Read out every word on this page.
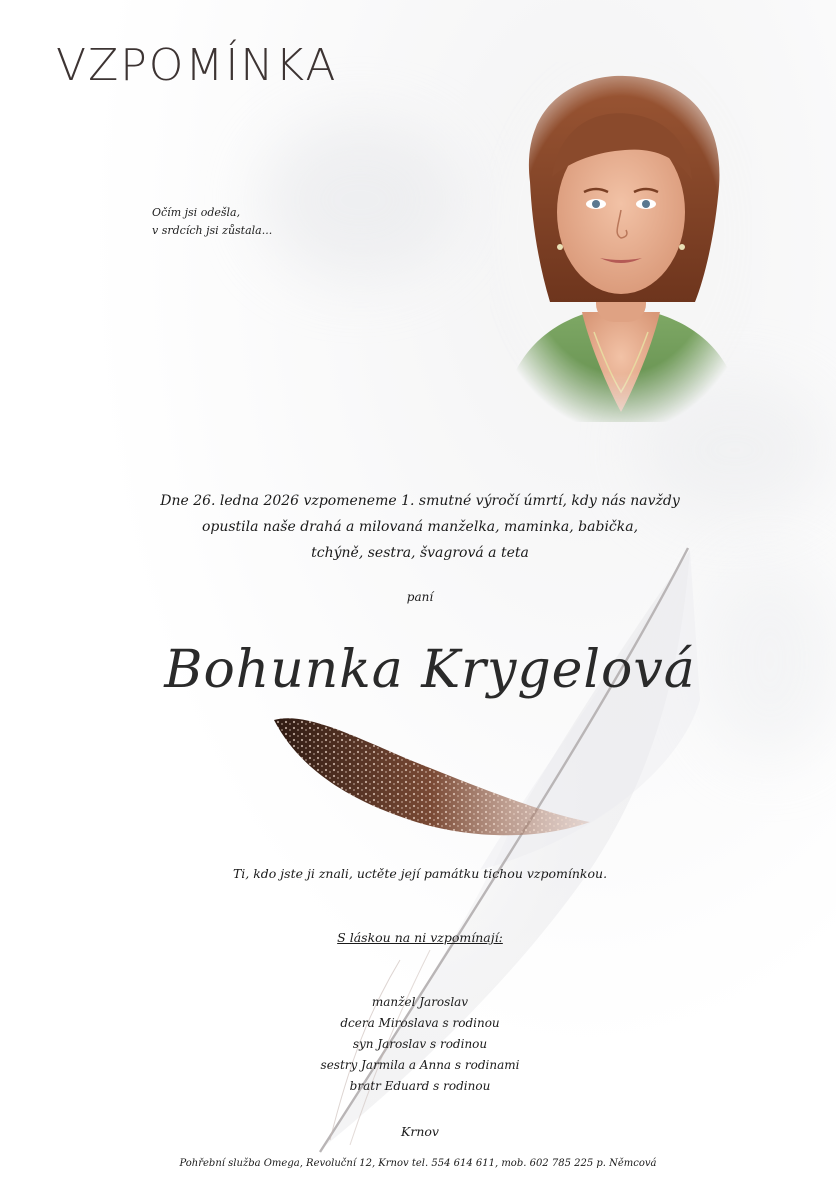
VZPOMÍNKA
Očím jsi odešla,
v srdcích jsi zůstala...
Dne 26. ledna 2026 vzpomeneme 1. smutné výročí úmrtí, kdy nás navždy
opustila naše drahá a milovaná manželka, maminka, babička,
tchýně, sestra, švagrová a teta
paní
Bohunka Krygelová
Ti, kdo jste ji znali, uctěte její památku tichou vzpomínkou.
S láskou na ni vzpomínají:
manžel Jaroslav
dcera Miroslava s rodinou
syn Jaroslav s rodinou
sestry Jarmila a Anna s rodinami
bratr Eduard s rodinou
Krnov
Pohřební služba Omega, Revoluční 12, Krnov tel. 554 614 611, mob. 602 785 225 p. Němcová
